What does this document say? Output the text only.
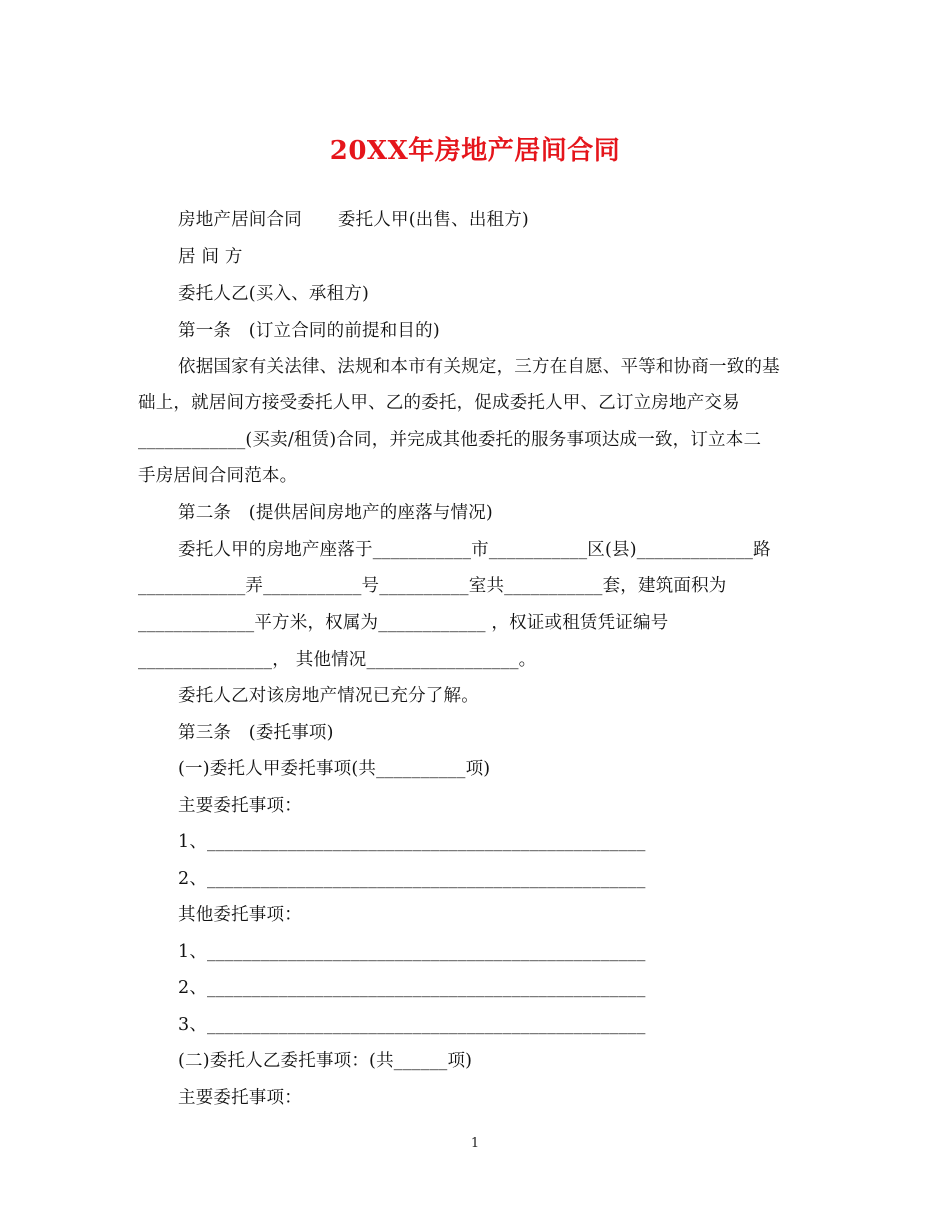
20XX年房地产居间合同
房地产居间合同 委托人甲(出售、出租方)
居 间 方
委托人乙(买入、承租方)
第一条　(订立合同的前提和目的)
依据国家有关法律、法规和本市有关规定，三方在自愿、平等和协商一致的基
础上，就居间方接受委托人甲、乙的委托，促成委托人甲、乙订立房地产交易
____________(买卖/租赁)合同，并完成其他委托的服务事项达成一致，订立本二
手房居间合同范本。
第二条　(提供居间房地产的座落与情况)
委托人甲的房地产座落于___________市___________区(县)_____________路
____________弄___________号__________室共___________套，建筑面积为
_____________平方米，权属为____________ ，权证或租赁凭证编号
_______________， 其他情况_________________。
委托人乙对该房地产情况已充分了解。
第三条　(委托事项)
(一)委托人甲委托事项(共__________项)
主要委托事项：
1、_________________________________________________
2、_________________________________________________
其他委托事项：
1、_________________________________________________
2、_________________________________________________
3、_________________________________________________
(二)委托人乙委托事项：(共______项)
主要委托事项：
1
